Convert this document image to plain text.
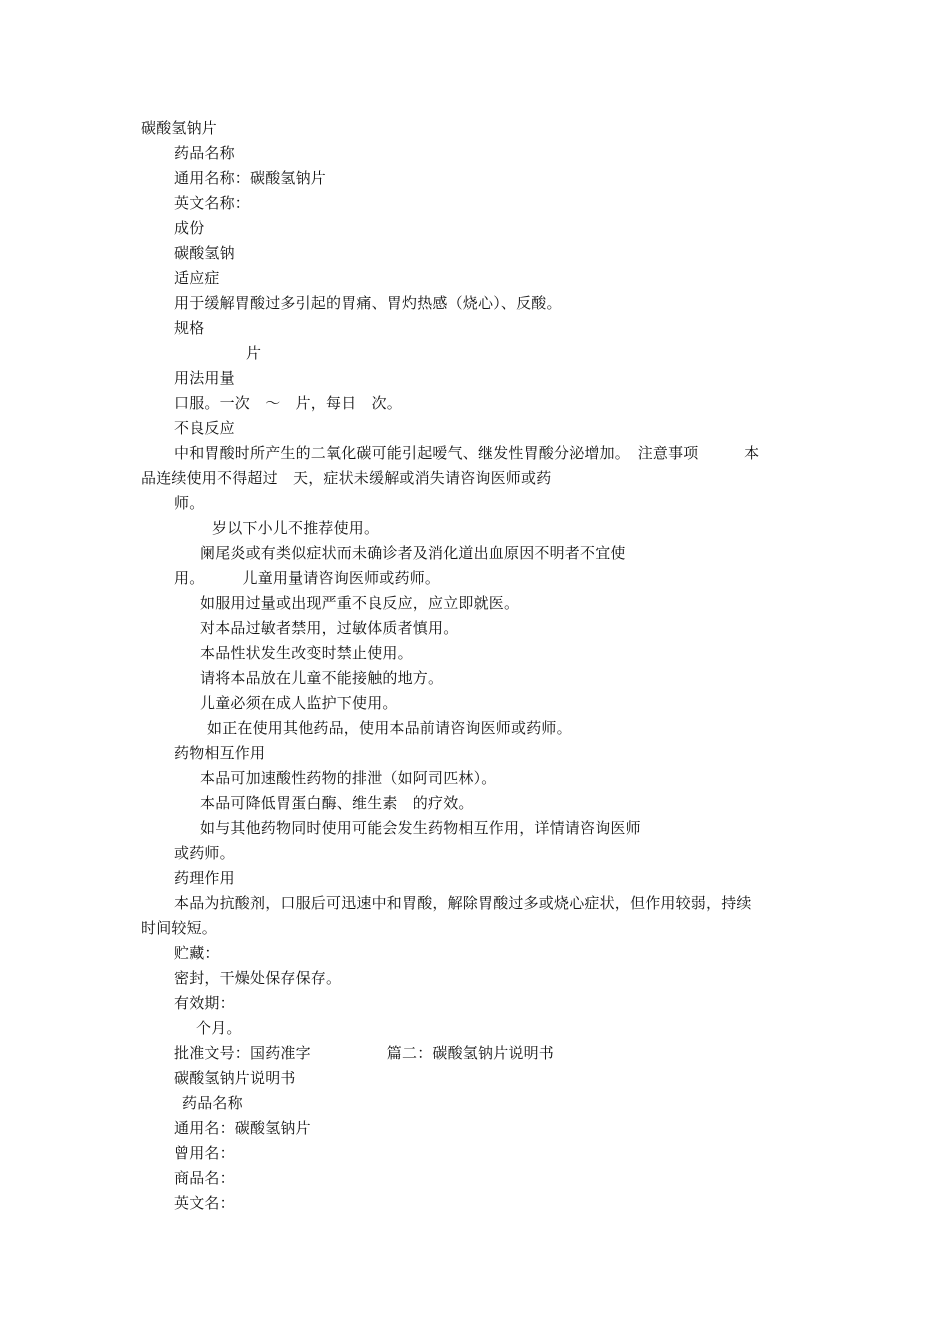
碳酸氢钠片
药品名称
通用名称：碳酸氢钠片
英文名称：
成份
碳酸氢钠
适应症
用于缓解胃酸过多引起的胃痛、胃灼热感（烧心）、反酸。
规格
片
用法用量
口服。一次　～　片，每日　次。
不良反应
中和胃酸时所产生的二氧化碳可能引起嗳气、继发性胃酸分泌增加。　注意事项　　　本
品连续使用不得超过　天，症状未缓解或消失请咨询医师或药
师。
岁以下小儿不推荐使用。
阑尾炎或有类似症状而未确诊者及消化道出血原因不明者不宜使
用。　　　儿童用量请咨询医师或药师。
如服用过量或出现严重不良反应，应立即就医。
对本品过敏者禁用，过敏体质者慎用。
本品性状发生改变时禁止使用。
请将本品放在儿童不能接触的地方。
儿童必须在成人监护下使用。
如正在使用其他药品，使用本品前请咨询医师或药师。
药物相互作用
本品可加速酸性药物的排泄（如阿司匹林）。
本品可降低胃蛋白酶、维生素　的疗效。
如与其他药物同时使用可能会发生药物相互作用，详情请咨询医师
或药师。
药理作用
本品为抗酸剂，口服后可迅速中和胃酸，解除胃酸过多或烧心症状，但作用较弱，持续
时间较短。
贮藏：
密封，干燥处保存保存。
有效期：
个月。
批准文号：国药准字　　　　　篇二：碳酸氢钠片说明书
碳酸氢钠片说明书
药品名称
通用名：碳酸氢钠片
曾用名：
商品名：
英文名：
